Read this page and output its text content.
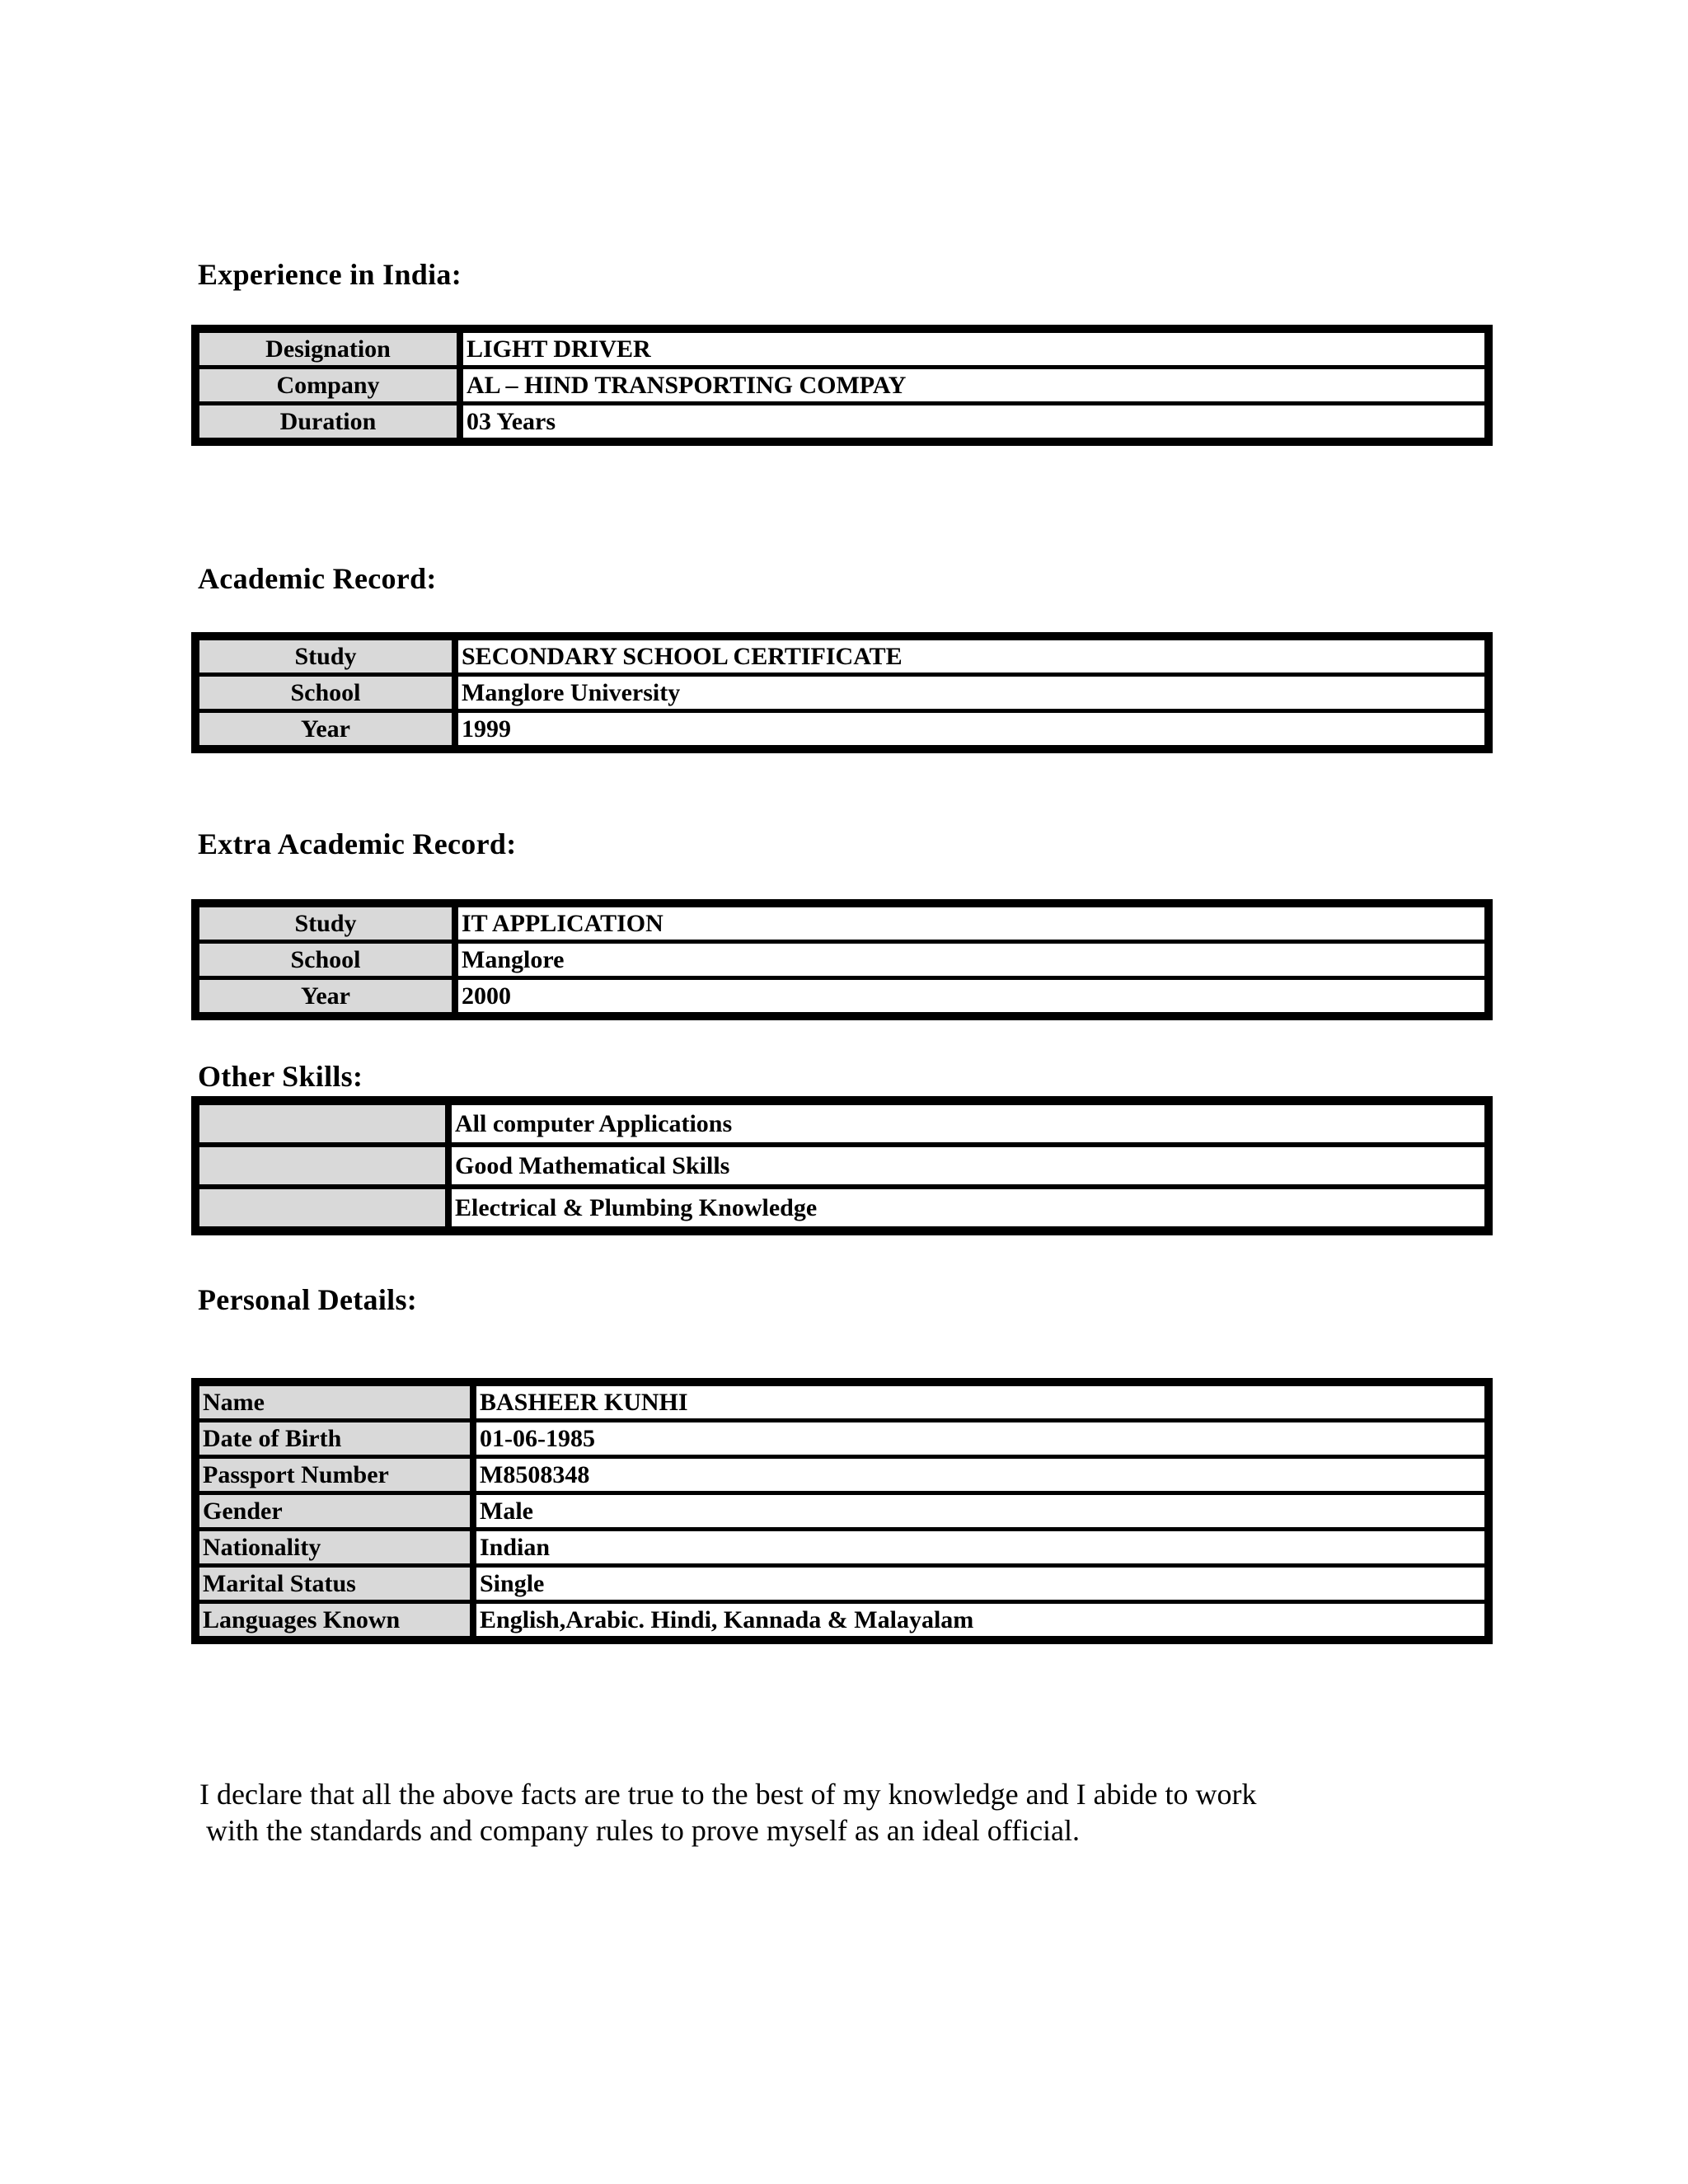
Experience in India:
Designation	LIGHT DRIVER
Company	AL – HIND TRANSPORTING COMPAY
Duration	03 Years
Academic Record:
Study	SECONDARY SCHOOL CERTIFICATE
School	Manglore University
Year	1999
Extra Academic Record:
Study	IT APPLICATION
School	Manglore
Year	2000
Other Skills:
	All computer Applications
	Good Mathematical Skills
	Electrical & Plumbing Knowledge
Personal Details:
Name	BASHEER KUNHI
Date of Birth	01-06-1985
Passport Number	M8508348
Gender	Male
Nationality	Indian
Marital Status	Single
Languages Known	English,Arabic. Hindi, Kannada & Malayalam
I declare that all the above facts are true to the best of my knowledge and I abide to work
with the standards and company rules to prove myself as an ideal official.
